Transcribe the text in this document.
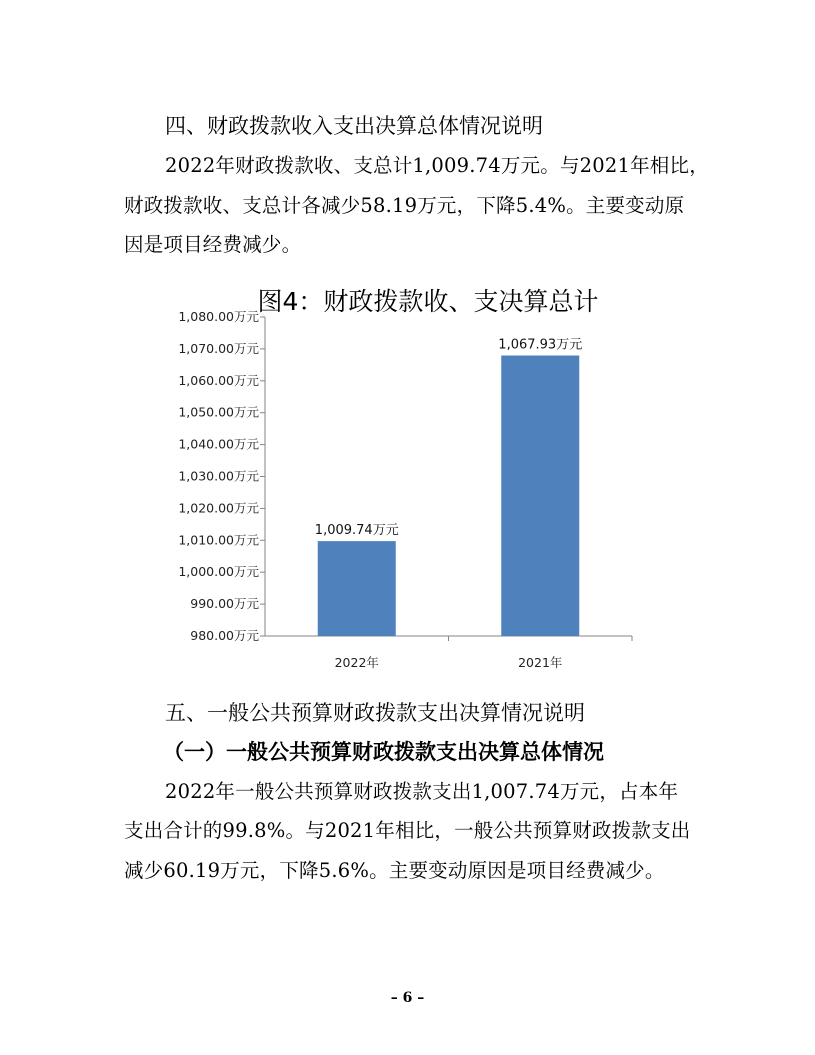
四、财政拨款收入支出决算总体情况说明
2022年财政拨款收、支总计1,009.74万元。与2021年相比，
财政拨款收、支总计各减少58.19万元，下降5.4%。主要变动原
因是项目经费减少。
图4：财政拨款收、支决算总计
980.00万元
990.00万元
1,000.00万元
1,010.00万元
1,020.00万元
1,030.00万元
1,040.00万元
1,050.00万元
1,060.00万元
1,070.00万元
1,080.00万元
2022年	2021年
1,009.74万元
1,067.93万元
五、一般公共预算财政拨款支出决算情况说明
（一）一般公共预算财政拨款支出决算总体情况
2022年一般公共预算财政拨款支出1,007.74万元，占本年
支出合计的99.8%。与2021年相比，一般公共预算财政拨款支出
减少60.19万元，下降5.6%。主要变动原因是项目经费减少。
– 6 –
